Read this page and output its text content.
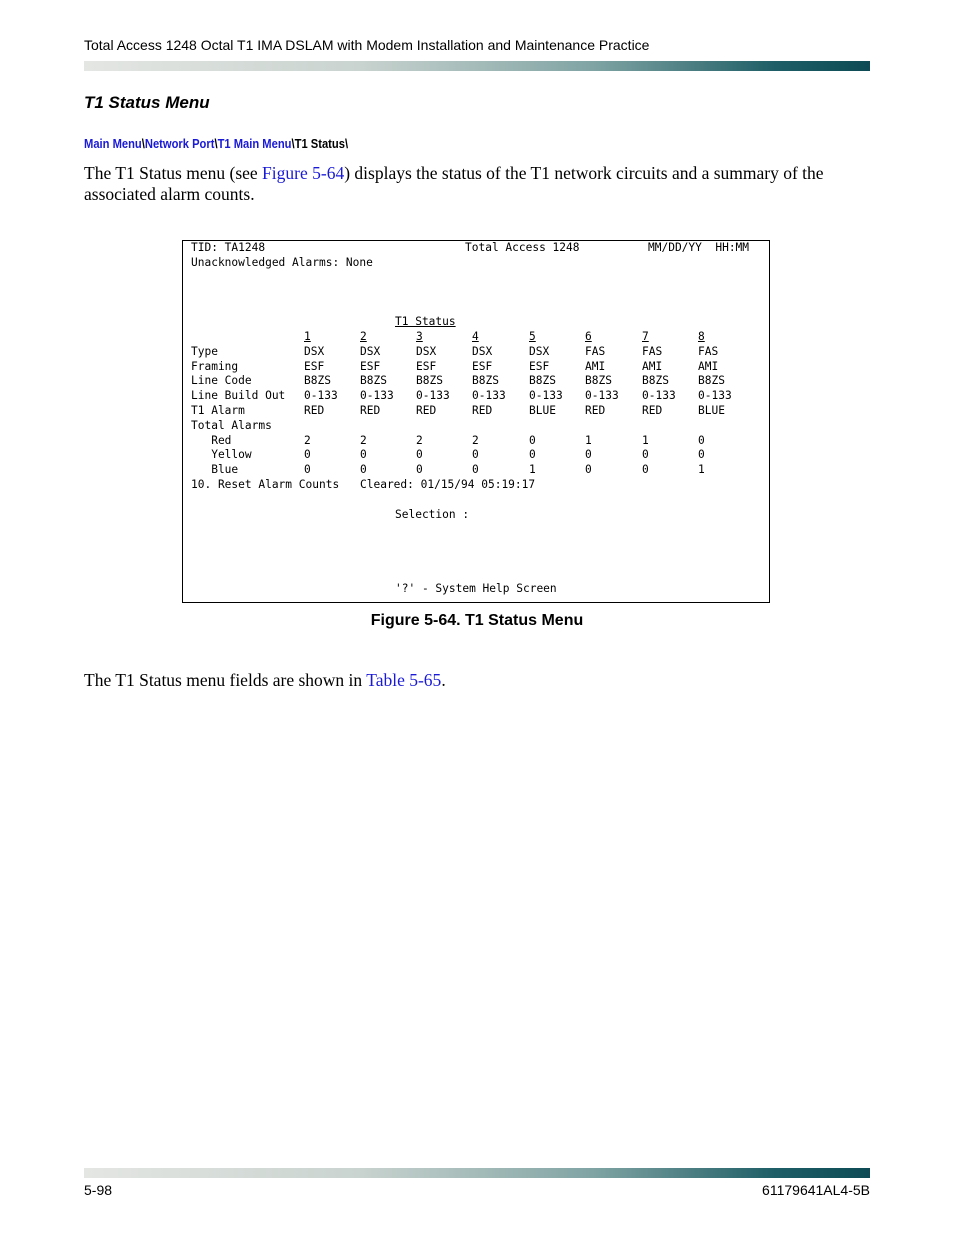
Total Access 1248 Octal T1 IMA DSLAM with Modem Installation and Maintenance Practice
T1 Status Menu
Main Menu\Network Port\T1 Main Menu\T1 Status\
The T1 Status menu (see Figure 5-64) displays the status of the T1 network circuits and a summary of the associated alarm counts.
TID: TA1248	Total Access 1248	MM/DD/YY  HH:MM
Unacknowledged Alarms: None
T1 Status
1	2	3	4	5	6	7	8
Type	DSX	DSX	DSX	DSX	DSX	FAS	FAS	FAS
Framing	ESF	ESF	ESF	ESF	ESF	AMI	AMI	AMI
Line Code	B8ZS	B8ZS	B8ZS	B8ZS	B8ZS	B8ZS	B8ZS	B8ZS
Line Build Out 0-133 0-133 0-133 0-133 0-133 0-133 0-133 0-133
T1 Alarm	RED	RED	RED	RED	BLUE	RED	RED	BLUE
Total Alarms
Red	2	2	2	2	0	1	1	0
Yellow	0	0	0	0	0	0	0	0
Blue	0	0	0	0	1	0	0	1
10. Reset Alarm Counts Cleared: 01/15/94 05:19:17
Selection :
'?' - System Help Screen
Figure 5-64. T1 Status Menu
The T1 Status menu fields are shown in Table 5-65.
5-98	61179641AL4-5B
